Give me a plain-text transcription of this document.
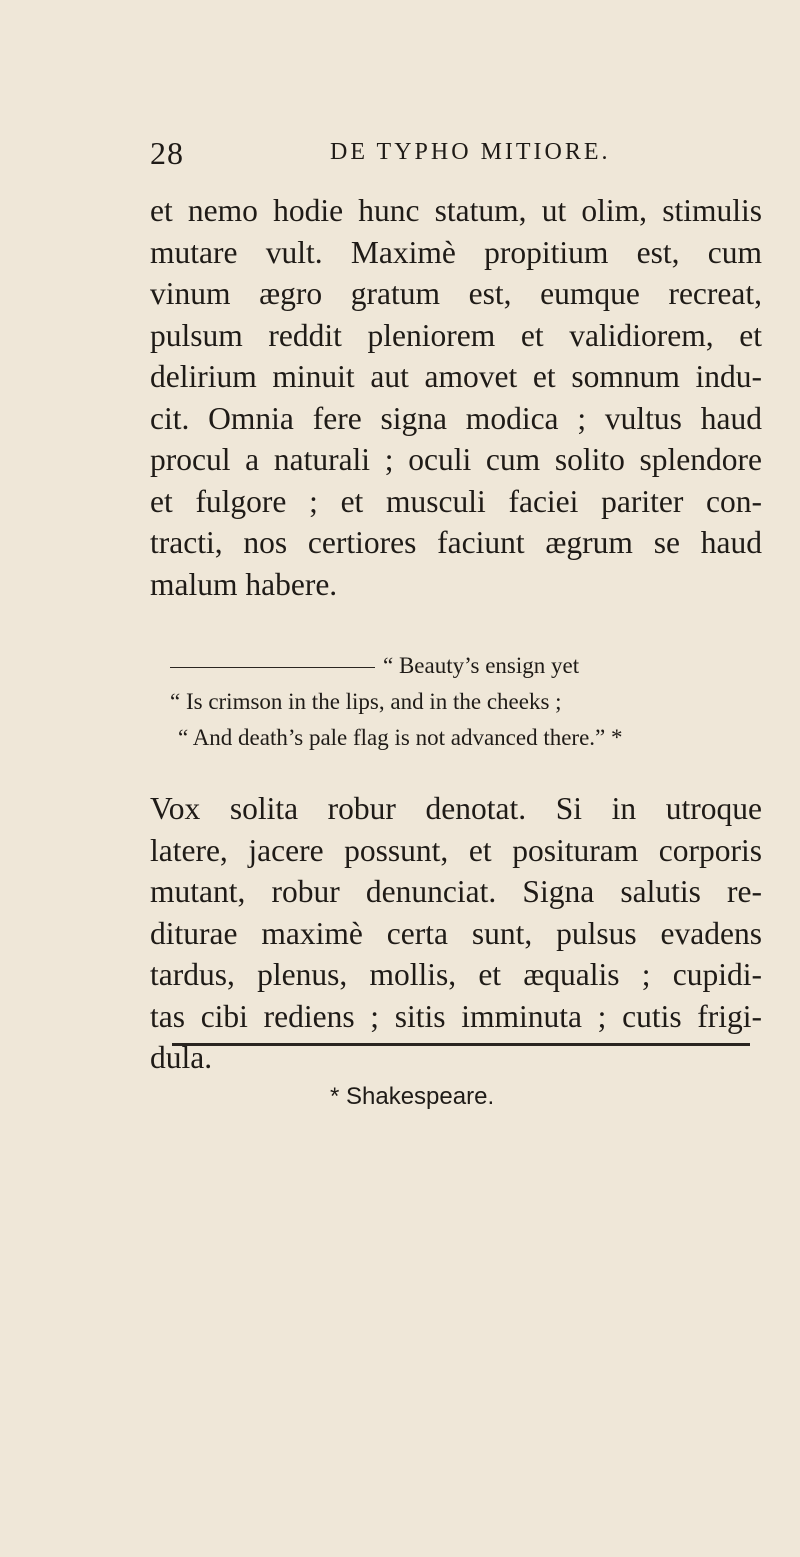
28	DE TYPHO MITIORE.

et nemo hodie hunc statum, ut olim, stimulis
mutare vult. Maximè propitium est, cum
vinum ægro gratum est, eumque recreat,
pulsum reddit pleniorem et validiorem, et
delirium minuit aut amovet et somnum indu-
cit. Omnia fere signa modica ; vultus haud
procul a naturali ; oculi cum solito splendore
et fulgore ; et musculi faciei pariter con-
tracti, nos certiores faciunt ægrum se haud
malum habere.

“ Beauty’s ensign yet
“ Is crimson in the lips, and in the cheeks ;
“ And death’s pale flag is not advanced there.” *

Vox solita robur denotat. Si in utroque
latere, jacere possunt, et posituram corporis
mutant, robur denunciat. Signa salutis re-
diturae maximè certa sunt, pulsus evadens
tardus, plenus, mollis, et æqualis ; cupidi-
tas cibi rediens ; sitis imminuta ; cutis frigi-
dula.

* Shakespeare.
